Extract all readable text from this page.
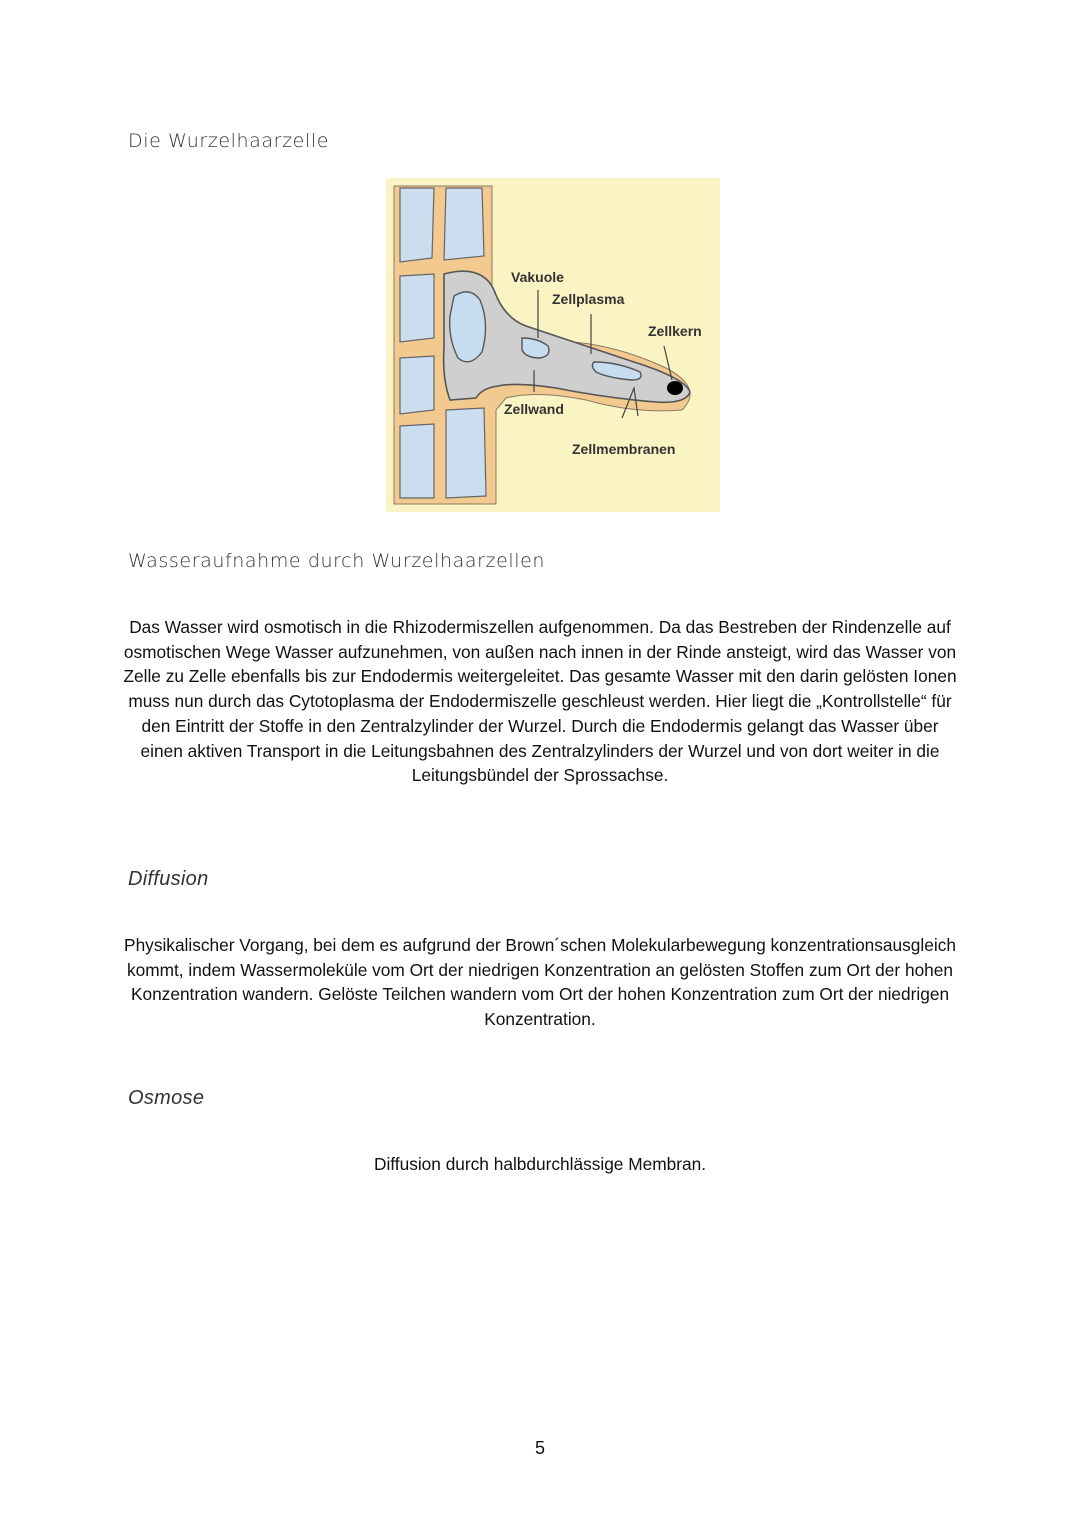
Die Wurzelhaarzelle
Vakuole
Zellplasma
Zellkern
Zellwand
Zellmembranen
Wasseraufnahme durch Wurzelhaarzellen

Das Wasser wird osmotisch in die Rhizodermiszellen aufgenommen. Da das Bestreben der Rindenzelle auf osmotischen Wege Wasser aufzunehmen, von außen nach innen in der Rinde ansteigt, wird das Wasser von Zelle zu Zelle ebenfalls bis zur Endodermis weitergeleitet. Das gesamte Wasser mit den darin gelösten Ionen muss nun durch das Cytotoplasma der Endodermiszelle geschleust werden. Hier liegt die „Kontrollstelle“ für den Eintritt der Stoffe in den Zentralzylinder der Wurzel. Durch die Endodermis gelangt das Wasser über einen aktiven Transport in die Leitungsbahnen des Zentralzylinders der Wurzel und von dort weiter in die Leitungsbündel der Sprossachse.

Diffusion

Physikalischer Vorgang, bei dem es aufgrund der Brown´schen Molekularbewegung konzentrationsausgleich kommt, indem Wassermoleküle vom Ort der niedrigen Konzentration an gelösten Stoffen zum Ort der hohen Konzentration wandern. Gelöste Teilchen wandern vom Ort der hohen Konzentration zum Ort der niedrigen Konzentration.

Osmose

Diffusion durch halbdurchlässige Membran.

5
